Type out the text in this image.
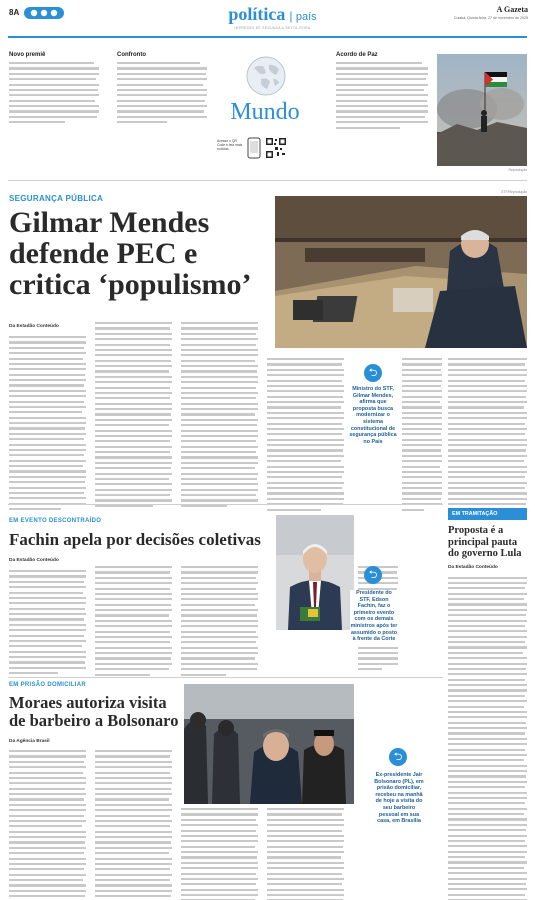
8A	política | país
IMPRESSO DE SEGUNDA A SEXTA-FEIRA
A Gazeta
Cuiabá, Quinta-feira, 27 de novembro de 2025
Novo premiê	Confronto
Mundo
Acesse o QR Code e leia mais notícias
Acordo de Paz
Reprodução
SEGURANÇA PÚBLICA
Gilmar Mendes defende PEC e critica ‘populismo’
Da Estadão Conteúdo
STF/Reprodução
⮌
Ministro do STF, Gilmar Mendes, afirma que proposta busca modernizar o sistema constitucional de segurança pública no País
EM EVENTO DESCONTRAÍDO
Fachin apela por decisões coletivas
Da Estadão Conteúdo
⮌
Presidente do STF, Edson Fachin, faz o primeiro evento com os demais ministros após ter assumido o posto à frente da Corte
EM TRAMITAÇÃO
Proposta é a principal pauta do governo Lula
Da Estadão Conteúdo
EM PRISÃO DOMICILIAR
Moraes autoriza visita de barbeiro a Bolsonaro
Da Agência Brasil
⮌
Ex-presidente Jair Bolsonaro (PL), em prisão domiciliar, recebeu na manhã de hoje a visita do seu barbeiro pessoal em sua casa, em Brasília
